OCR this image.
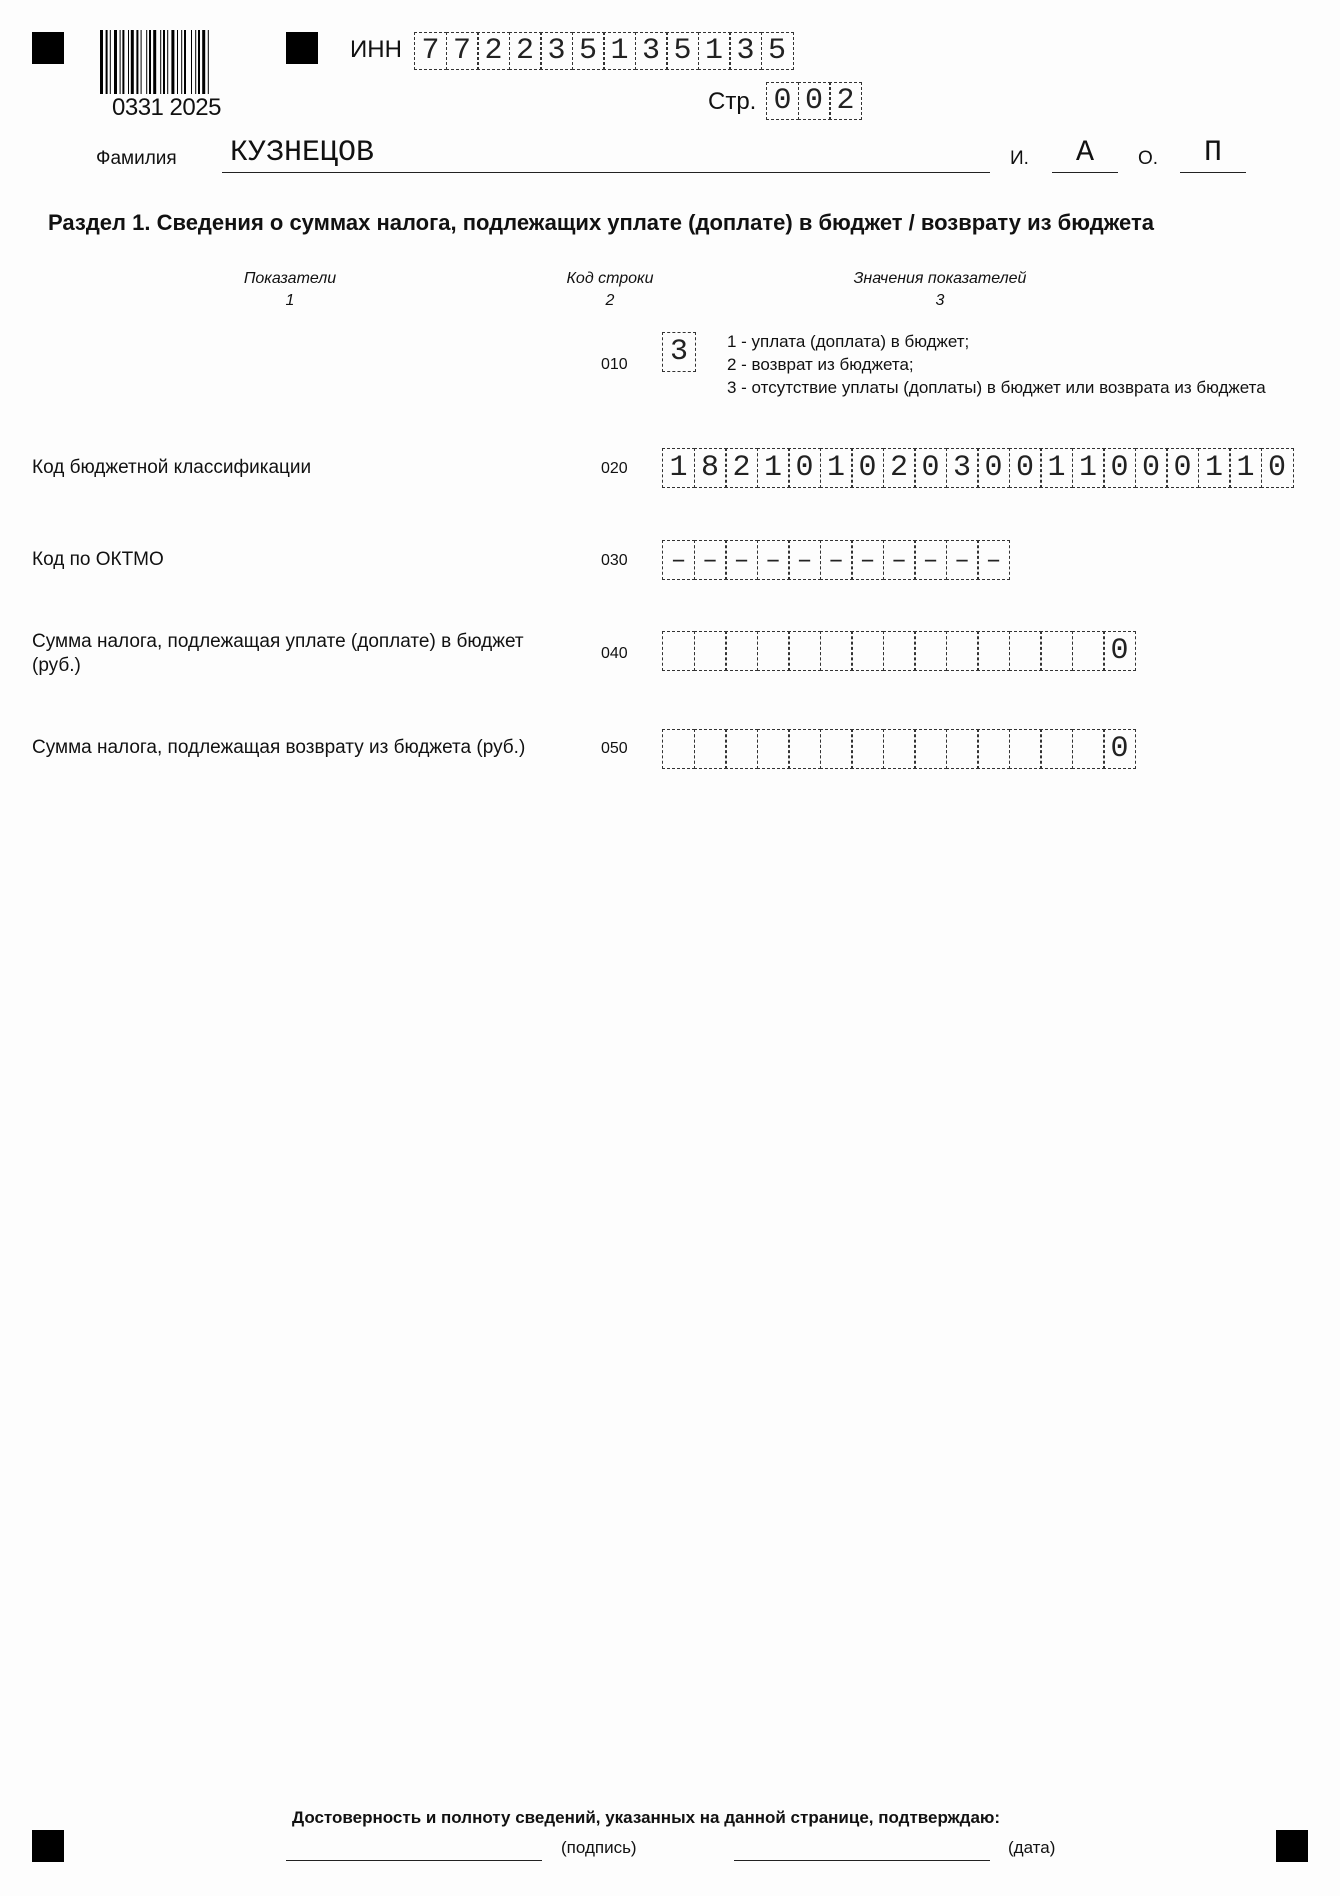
0331 2025
ИНН 7 7 2 2 3 5 1 3 5 1 3 5
Стр. 0 0 2
Фамилия КУЗНЕЦОВ	И.	А	О.	П
Раздел 1. Сведения о суммах налога, подлежащих уплате (доплате) в бюджет / возврату из бюджета
Показатели
1
Код строки
2
Значения показателей
3
010 3	1 - уплата (доплата) в бюджет;
2 - возврат из бюджета;
3 - отсутствие уплаты (доплаты) в бюджет или возврата из бюджета
Код бюджетной классификации	020 1 8 2 1 0 1 0 2 0 3 0 0 1 1 0 0 0 1 1 0
Код по ОКТМО	030	– – – – – – – – – – –
Сумма налога, подлежащая уплате (доплате) в бюджет (руб.)
040	0
Сумма налога, подлежащая возврату из бюджета (руб.)	050	0
Достоверность и полноту сведений, указанных на данной странице, подтверждаю:
(подпись)	(дата)
